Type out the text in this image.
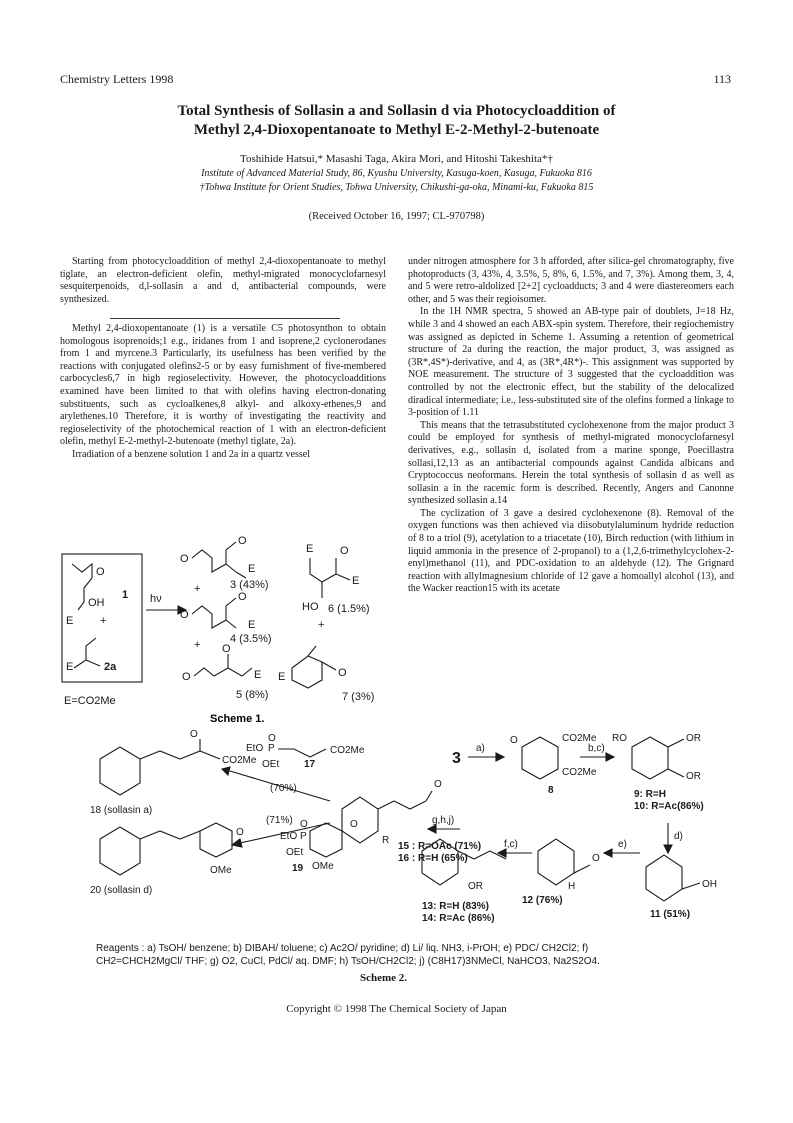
Chemistry Letters 1998	113
Total Synthesis of Sollasin a and Sollasin d via Photocycloaddition of
Methyl 2,4-Dioxopentanoate to Methyl E-2-Methyl-2-butenoate
Toshihide Hatsui,* Masashi Taga, Akira Mori, and Hitoshi Takeshita*†
Institute of Advanced Material Study, 86, Kyushu University, Kasuga-koen, Kasuga, Fukuoka 816
†Tohwa Institute for Orient Studies, Tohwa University, Chikushi-ga-oka, Minami-ku, Fukuoka 815
(Received October 16, 1997; CL-970798)

Starting from photocycloaddition of methyl 2,4-dioxopentanoate to methyl tiglate, an electron-deficient olefin, methyl-migrated monocyclofarnesyl sesquiterpenoids, d,l-sollasin a and d, antibacterial compounds, were synthesized.

Methyl 2,4-dioxopentanoate (1) is a versatile C5 photosynthon to obtain homologous isoprenoids;1 e.g., iridanes from 1 and isoprene,2 cyclonerodanes from 1 and myrcene.3 Particularly, its usefulness has been verified by the reactions with conjugated olefins2-5 or by easy furnishment of five-membered carbocycles6,7 in high regioselectivity. However, the photocycloadditions examined have been limited to that with olefins having electron-donating substituents, such as cycloalkenes,8 alkyl- and alkoxy-ethenes,9 and arylethenes.10 Therefore, it is worthy of investigating the reactivity and regioselectivity of the photochemical reaction of 1 with an electron-deficient olefin, methyl E-2-methyl-2-butenoate (methyl tiglate, 2a).

Irradiation of a benzene solution 1 and 2a in a quartz vessel

under nitrogen atmosphere for 3 h afforded, after silica-gel chromatography, five photoproducts (3, 43%, 4, 3.5%, 5, 8%, 6, 1.5%, and 7, 3%). Among them, 3, 4, and 5 were retro-aldolized [2+2] cycloadducts; 3 and 4 were diastereomers each other, and 5 was their regioisomer.

In the 1H NMR spectra, 5 showed an AB-type pair of doublets, J=18 Hz, while 3 and 4 showed an each ABX-spin system. Therefore, their regiochemistry was assigned as depicted in Scheme 1. Assuming a retention of geometrical structure of 2a during the reaction, the major product, 3, was assigned as (3R*,4S*)-derivative, and 4, as (3R*,4R*)-. This assignment was supported by NOE measurement. The structure of 3 suggested that the cycloaddition was controlled by not the electronic effect, but the stability of the delocalized diradical intermediate; i.e., less-substituted site of the olefins formed a linkage to 3-position of 1.11

This means that the tetrasubstituted cyclohexenone from the major product 3 could be employed for synthesis of methyl-migrated monocyclofarnesyl derivatives, e.g., sollasin d, isolated from a marine sponge, Poecillastra sollasi,12,13 as an antibacterial compounds against Candida albicans and Cryptococcus neoformans. Herein the total synthesis of sollasin d as well as sollasin a in the racemic form is described. Recently, Angers and Canonne synthesized sollasin a.14

The cyclization of 3 gave a desired cyclohexenone (8). Removal of the oxygen functions was then achieved via diisobutylaluminum hydride reduction of 8 to a triol (9), acetylation to a triacetate (10), Birch reduction (with lithium in liquid ammonia in the presence of 2-propanol) to a (1,2,6-trimethylcyclohex-2-enyl)methanol (11), and PDC-oxidation to an aldehyde (12). The Grignard reaction with allylmagnesium chloride of 12 gave a homoallyl alcohol (13), and the Wacker reaction15 with its acetate

O
OH
1
E +
E	2a
hν
E=CO2Me
O
O
E
3 (43%)
+
O
O
E
4 (3.5%)
+
O
O
E
5 (8%)
E O
E
HO 6 (1.5%)
+
E	O
7 (3%)
Scheme 1.
O
CO2Me
18 (sollasin a)
EtO
O
P	CO2Me
OEt 17
(70%)
(71%)
O
R
15 : R=OAc (71%)
16 : R=H (65%)
EtO
O
P
OEt
19
O
OMe
O
OMe
20 (sollasin d)
3
a)
O	CO2Me
CO2Me
8
b,c)
RO	OR
OR
9: R=H
10: R=Ac(86%)
d)
OH
11 (51%)
e)
O
H
12 (76%)
f,c)
OR
13: R=H (83%)
14: R=Ac (86%)
g,h,j)
Reagents : a) TsOH/ benzene; b) DIBAH/ toluene; c) Ac2O/ pyridine; d) Li/ liq. NH3, i-PrOH; e) PDC/ CH2Cl2; f)
CH2=CHCH2MgCl/ THF; g) O2, CuCl, PdCl/ aq. DMF; h) TsOH/CH2Cl2; j) (C8H17)3NMeCl, NaHCO3, Na2S2O4.
Scheme 2.
Copyright © 1998 The Chemical Society of Japan
